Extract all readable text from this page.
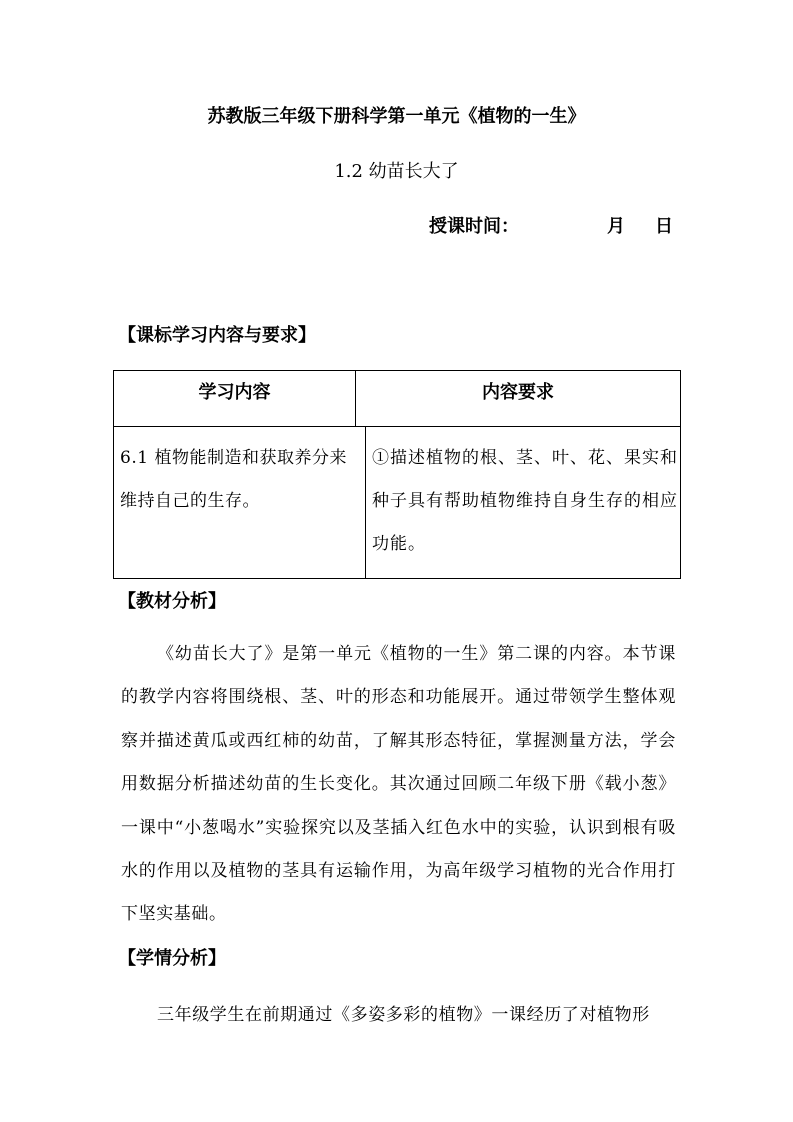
苏教版三年级下册科学第一单元《植物的一生》
1.2 幼苗长大了
授课时间：	月 日
【课标学习内容与要求】
学习内容	内容要求
6.1 植物能制造和获取养分来维持自己的生存。
①描述植物的根、茎、叶、花、果实和种子具有帮助植物维持自身生存的相应功能。
【教材分析】
《幼苗长大了》是第一单元《植物的一生》第二课的内容。本节课的教学内容将围绕根、茎、叶的形态和功能展开。通过带领学生整体观察并描述黄瓜或西红柿的幼苗，了解其形态特征，掌握测量方法，学会用数据分析描述幼苗的生长变化。其次通过回顾二年级下册《载小葱》一课中“小葱喝水”实验探究以及茎插入红色水中的实验，认识到根有吸水的作用以及植物的茎具有运输作用，为高年级学习植物的光合作用打下坚实基础。
【学情分析】
三年级学生在前期通过《多姿多彩的植物》一课经历了对植物形
